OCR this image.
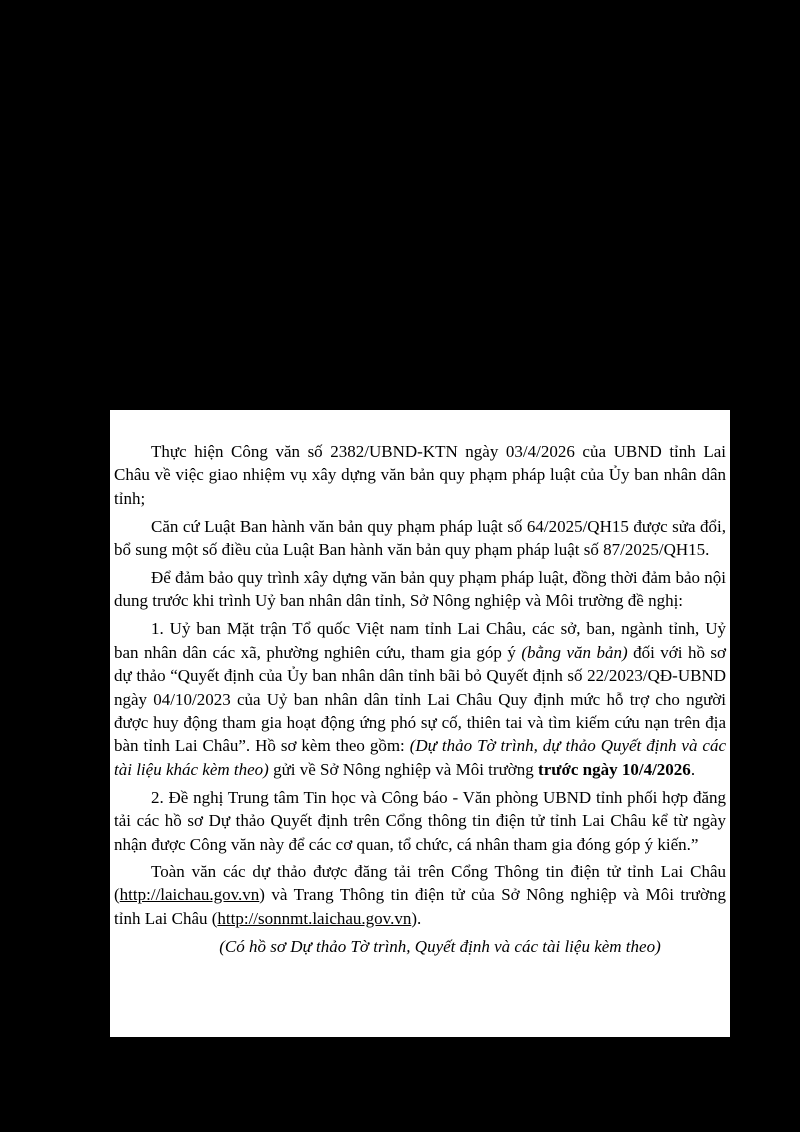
Thực hiện Công văn số 2382/UBND-KTN ngày 03/4/2026 của UBND tỉnh Lai Châu về việc giao nhiệm vụ xây dựng văn bản quy phạm pháp luật của Ủy ban nhân dân tỉnh;

Căn cứ Luật Ban hành văn bản quy phạm pháp luật số 64/2025/QH15 được sửa đổi, bổ sung một số điều của Luật Ban hành văn bản quy phạm pháp luật số 87/2025/QH15.

Để đảm bảo quy trình xây dựng văn bản quy phạm pháp luật, đồng thời đảm bảo nội dung trước khi trình Uỷ ban nhân dân tỉnh, Sở Nông nghiệp và Môi trường đề nghị:

1. Uỷ ban Mặt trận Tổ quốc Việt nam tỉnh Lai Châu, các sở, ban, ngành tỉnh, Uỷ ban nhân dân các xã, phường nghiên cứu, tham gia góp ý (bằng văn bản) đối với hồ sơ dự thảo “Quyết định của Ủy ban nhân dân tỉnh bãi bỏ Quyết định số 22/2023/QĐ-UBND ngày 04/10/2023 của Uỷ ban nhân dân tỉnh Lai Châu Quy định mức hỗ trợ cho người được huy động tham gia hoạt động ứng phó sự cố, thiên tai và tìm kiếm cứu nạn trên địa bàn tỉnh Lai Châu”. Hồ sơ kèm theo gồm: (Dự thảo Tờ trình, dự thảo Quyết định và các tài liệu khác kèm theo) gửi về Sở Nông nghiệp và Môi trường trước ngày 10/4/2026.

2. Đề nghị Trung tâm Tin học và Công báo - Văn phòng UBND tỉnh phối hợp đăng tải các hồ sơ Dự thảo Quyết định trên Cổng thông tin điện tử tỉnh Lai Châu kể từ ngày nhận được Công văn này để các cơ quan, tổ chức, cá nhân tham gia đóng góp ý kiến.”

Toàn văn các dự thảo được đăng tải trên Cổng Thông tin điện tử tỉnh Lai Châu (http://laichau.gov.vn) và Trang Thông tin điện tử của Sở Nông nghiệp và Môi trường tỉnh Lai Châu (http://sonnmt.laichau.gov.vn).

(Có hồ sơ Dự thảo Tờ trình, Quyết định và các tài liệu kèm theo)
